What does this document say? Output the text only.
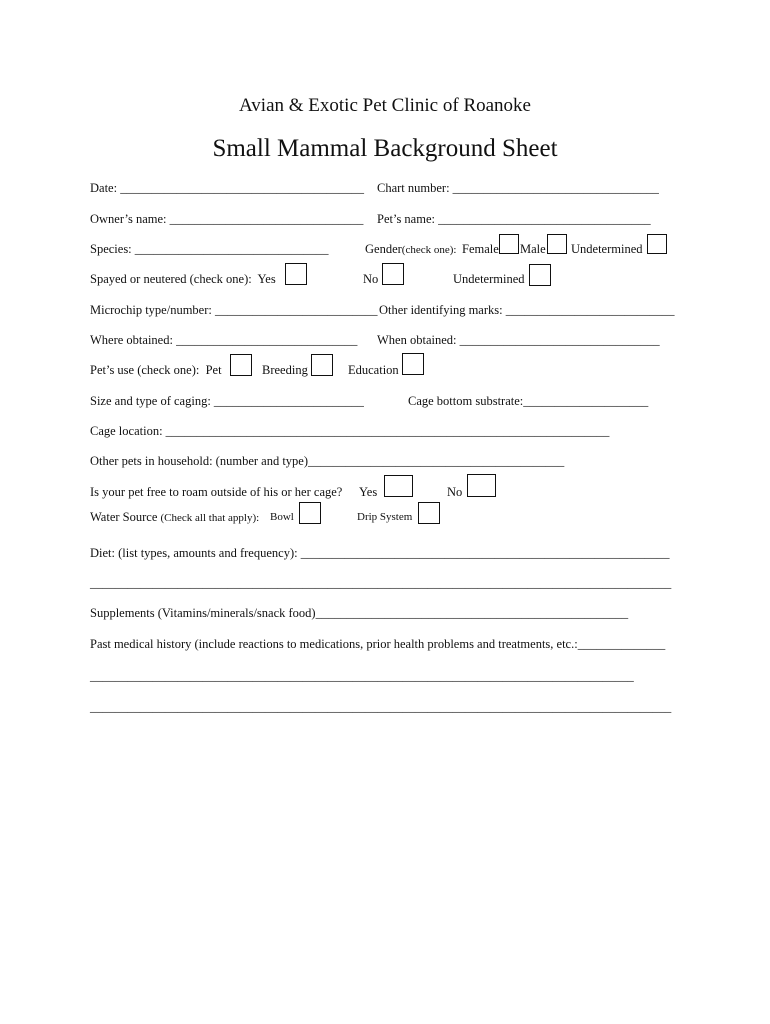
Avian & Exotic Pet Clinic of Roanoke
Small Mammal Background Sheet
Date: _______________________________________ Chart number: _________________________________
Owner’s name: _______________________________ Pet’s name: __________________________________
Species: _______________________________	Gender(check one): Female Male Undetermined
Spayed or neutered (check one):  Yes	No	Undetermined
Microchip type/number: __________________________ Other identifying marks: ___________________________
Where obtained: _____________________________ When obtained: ________________________________
Pet’s use (check one):  Pet	Breeding	Education
Size and type of caging: ________________________	Cage bottom substrate:____________________
Cage location: _______________________________________________________________________
Other pets in household: (number and type)_________________________________________
Is your pet free to roam outside of his or her cage? Yes	No
Water Source (Check all that apply): Bowl	Drip System
Diet: (list types, amounts and frequency): ___________________________________________________________
_____________________________________________________________________________________________
Supplements (Vitamins/minerals/snack food)__________________________________________________
Past medical history (include reactions to medications, prior health problems and treatments, etc.:______________
_______________________________________________________________________________________
_____________________________________________________________________________________________
